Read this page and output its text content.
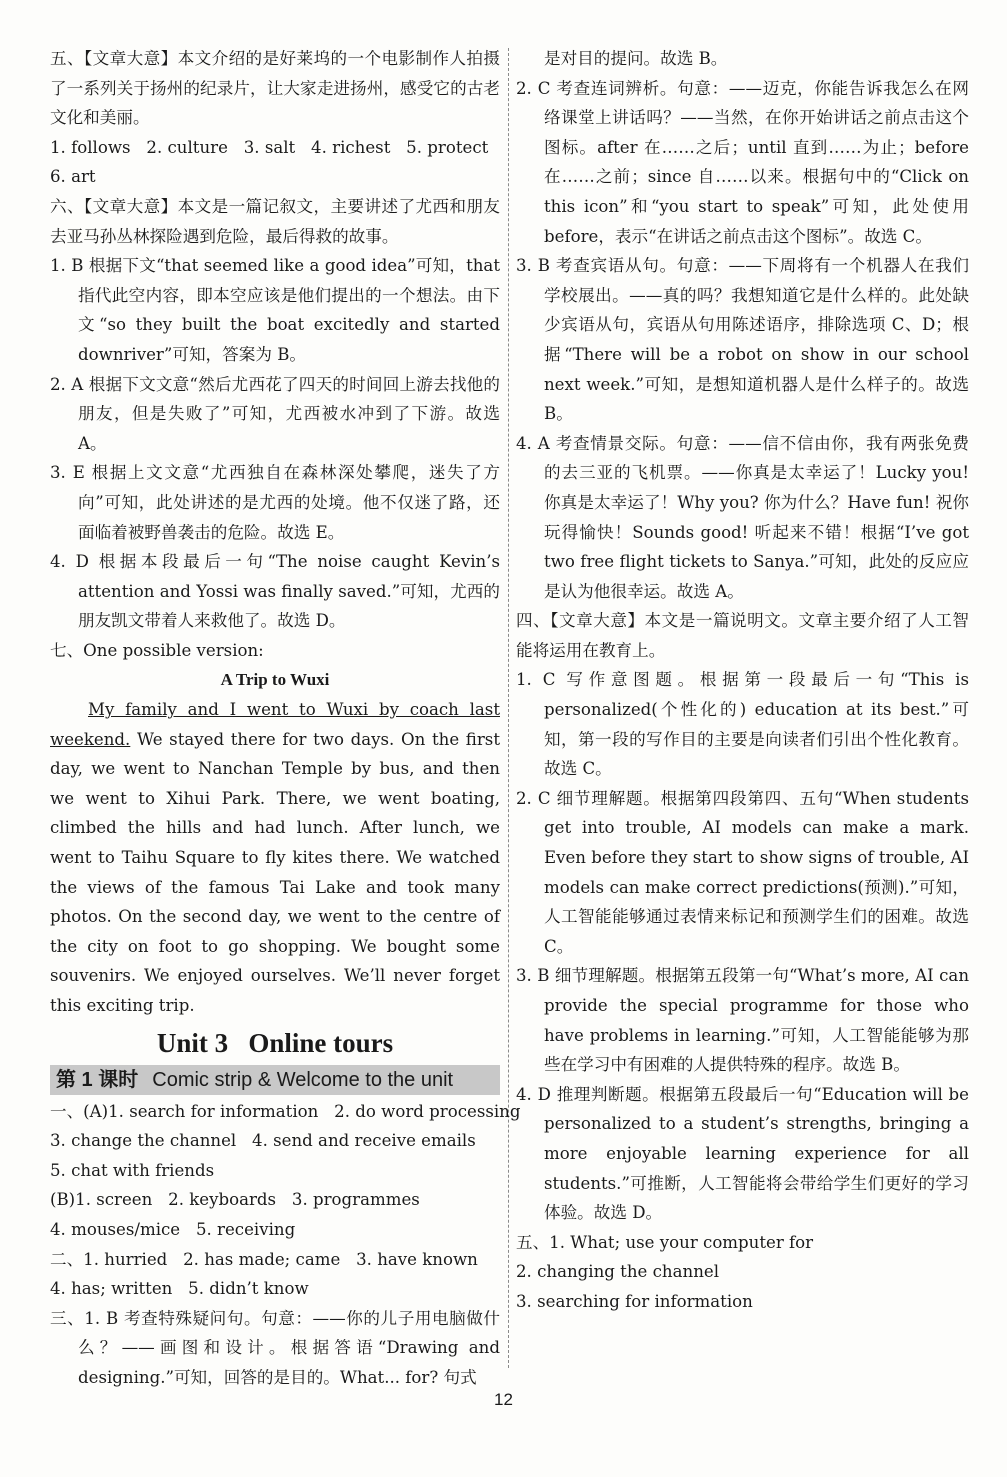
五、【文章大意】本文介绍的是好莱坞的一个电影制作人拍摄了一系列关于扬州的纪录片，让大家走进扬州，感受它的古老文化和美丽。

1. follows   2. culture   3. salt   4. richest   5. protect

6. art

六、【文章大意】本文是一篇记叙文，主要讲述了尤西和朋友去亚马孙丛林探险遇到危险，最后得救的故事。

1. B 根据下文“that seemed like a good idea”可知，that 指代此空内容，即本空应该是他们提出的一个想法。由下文“so they built the boat excitedly and started downriver”可知，答案为 B。

2. A 根据下文文意“然后尤西花了四天的时间回上游去找他的朋友，但是失败了”可知，尤西被水冲到了下游。故选 A。

3. E 根据上文文意“尤西独自在森林深处攀爬，迷失了方向”可知，此处讲述的是尤西的处境。他不仅迷了路，还面临着被野兽袭击的危险。故选 E。

4. D 根据本段最后一句“The noise caught Kevin’s attention and Yossi was finally saved.”可知，尤西的朋友凯文带着人来救他了。故选 D。

七、One possible version:

A Trip to Wuxi

My family and I went to Wuxi by coach last weekend. We stayed there for two days. On the first day, we went to Nanchan Temple by bus, and then we went to Xihui Park. There, we went boating, climbed the hills and had lunch. After lunch, we went to Taihu Square to fly kites there. We watched the views of the famous Tai Lake and took many photos. On the second day, we went to the centre of the city on foot to go shopping. We bought some souvenirs. We enjoyed ourselves. We’ll never forget this exciting trip.

Unit 3   Online tours
第 1 课时 Comic strip & Welcome to the unit

一、(A)1. search for information   2. do word processing

3. change the channel   4. send and receive emails

5. chat with friends

(B)1. screen   2. keyboards   3. programmes

4. mouses/mice   5. receiving

二、1. hurried   2. has made; came   3. have known

4. has; written   5. didn’t know

三、1. B 考查特殊疑问句。句意：——你的儿子用电脑做什么？——画图和设计。根据答语“Drawing and designing.”可知，回答的是目的。What... for? 句式

是对目的提问。故选 B。

2. C 考查连词辨析。句意：——迈克，你能告诉我怎么在网络课堂上讲话吗？——当然，在你开始讲话之前点击这个图标。after 在……之后；until 直到……为止；before 在……之前；since 自……以来。根据句中的“Click on this icon”和“you start to speak”可知，此处使用 before，表示“在讲话之前点击这个图标”。故选 C。

3. B 考查宾语从句。句意：——下周将有一个机器人在我们学校展出。——真的吗？我想知道它是什么样的。此处缺少宾语从句，宾语从句用陈述语序，排除选项 C、D；根据“There will be a robot on show in our school next week.”可知，是想知道机器人是什么样子的。故选 B。

4. A 考查情景交际。句意：——信不信由你，我有两张免费的去三亚的飞机票。——你真是太幸运了！Lucky you! 你真是太幸运了！Why you? 你为什么？Have fun! 祝你玩得愉快！Sounds good! 听起来不错！根据“I’ve got two free flight tickets to Sanya.”可知，此处的反应应是认为他很幸运。故选 A。

四、【文章大意】本文是一篇说明文。文章主要介绍了人工智能将运用在教育上。

1. C 写作意图题。根据第一段最后一句“This is personalized(个性化的) education at its best.”可知，第一段的写作目的主要是向读者们引出个性化教育。故选 C。

2. C 细节理解题。根据第四段第四、五句“When students get into trouble, AI models can make a mark. Even before they start to show signs of trouble, AI models can make correct predictions(预测).”可知，人工智能能够通过表情来标记和预测学生们的困难。故选 C。

3. B 细节理解题。根据第五段第一句“What’s more, AI can provide the special programme for those who have problems in learning.”可知，人工智能能够为那些在学习中有困难的人提供特殊的程序。故选 B。

4. D 推理判断题。根据第五段最后一句“Education will be personalized to a student’s strengths, bringing a more enjoyable learning experience for all students.”可推断，人工智能将会带给学生们更好的学习体验。故选 D。

五、1. What; use your computer for

2. changing the channel

3. searching for information

12
